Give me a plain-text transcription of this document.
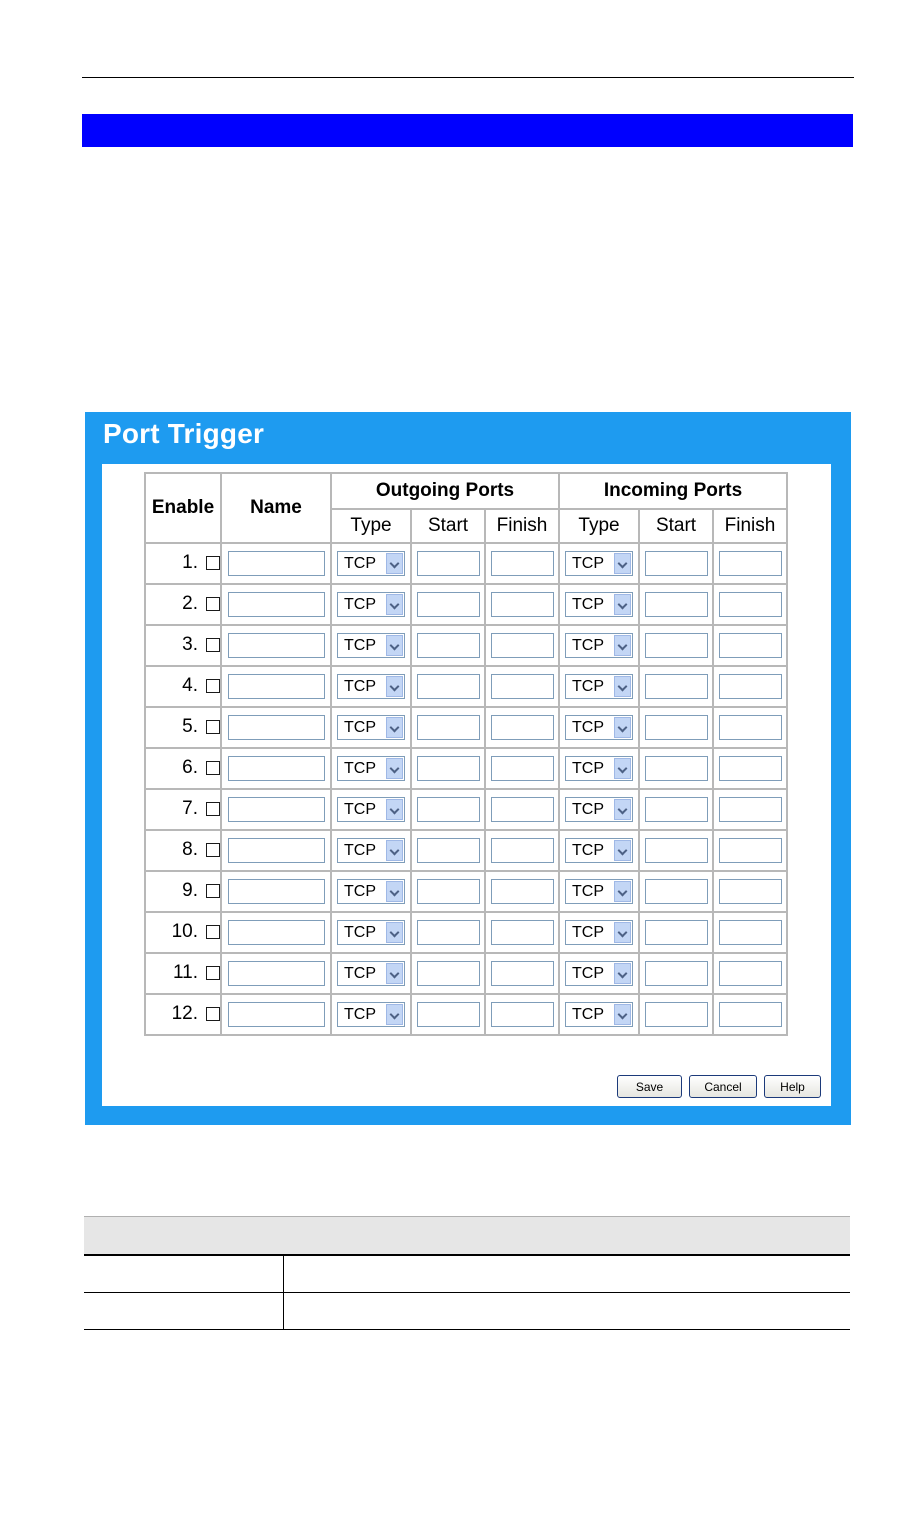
Port Trigger
Enable	Name	Outgoing Ports			Incoming Ports		
		Type	Start	Finish	Type	Start	Finish
1.		TCP			TCP		

2.		TCP			TCP		

3.		TCP			TCP		

4.		TCP			TCP		

5.		TCP			TCP		

6.		TCP			TCP		

7.		TCP			TCP		

8.		TCP			TCP		

9.		TCP			TCP		

10.		TCP			TCP		

11.		TCP			TCP		

12.		TCP			TCP		

Save	Cancel	Help
